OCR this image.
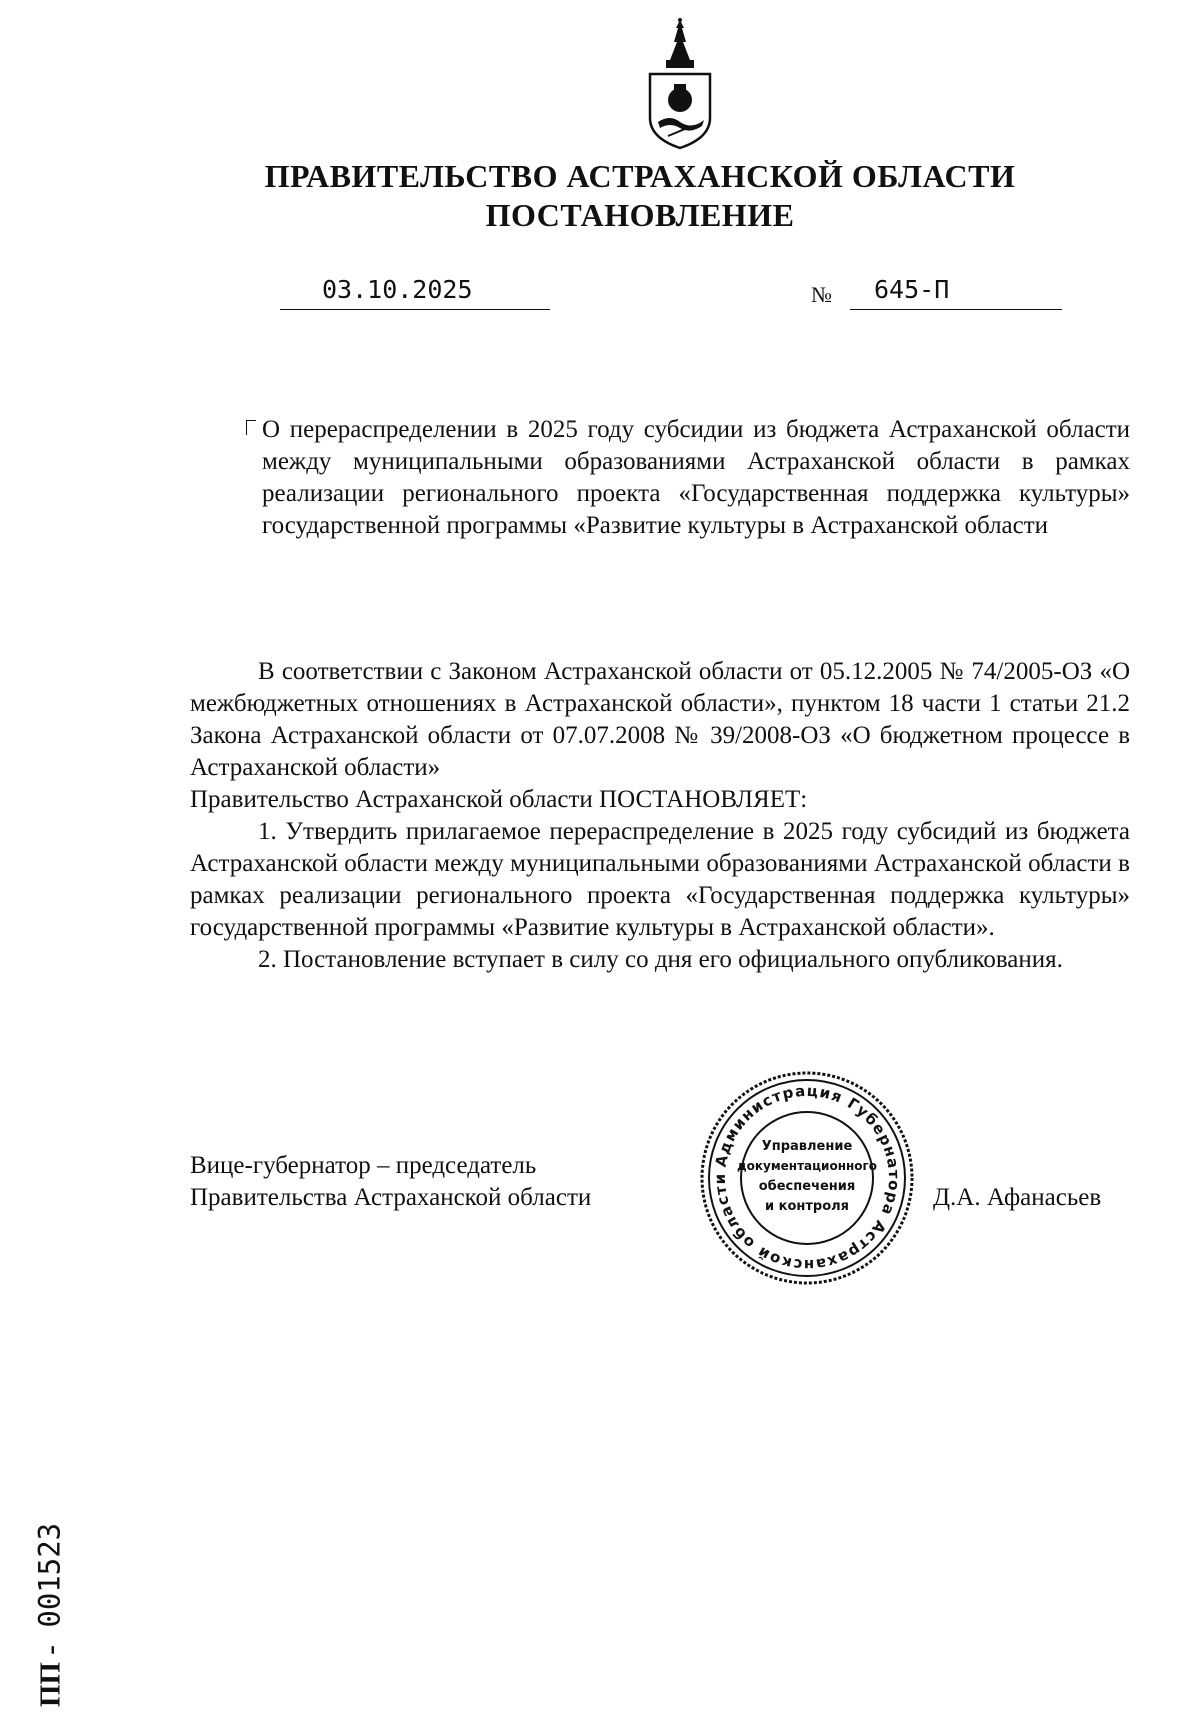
ПРАВИТЕЛЬСТВО АСТРАХАНСКОЙ ОБЛАСТИ
ПОСТАНОВЛЕНИЕ
03.10.2025	№ 645-П
О перераспределении в 2025 году субсидии из бюджета Астраханской области между муниципальными образованиями Астраханской области в рамках реализации регионального проекта «Государственная поддержка культуры» государственной программы «Развитие культуры в Астраханской области

В соответствии с Законом Астраханской области от 05.12.2005 № 74/2005-ОЗ «О межбюджетных отношениях в Астраханской области», пунктом 18 части 1 статьи 21.2 Закона Астраханской области от 07.07.2008 № 39/2008-ОЗ «О бюджетном процессе в Астраханской области»

Правительство Астраханской области ПОСТАНОВЛЯЕТ:

1. Утвердить прилагаемое перераспределение в 2025 году субсидий из бюджета Астраханской области между муниципальными образованиями Астраханской области в рамках реализации регионального проекта «Государственная поддержка культуры» государственной программы «Развитие культуры в Астраханской области».

2. Постановление вступает в силу со дня его официального опубликования.

Вице-губернатор – председатель
Правительства Астраханской области
Администрация Губернатора Астраханской области
Управление
документационного
обеспечения
и контроля	Д.А. Афанасьев
ПП - 001523
